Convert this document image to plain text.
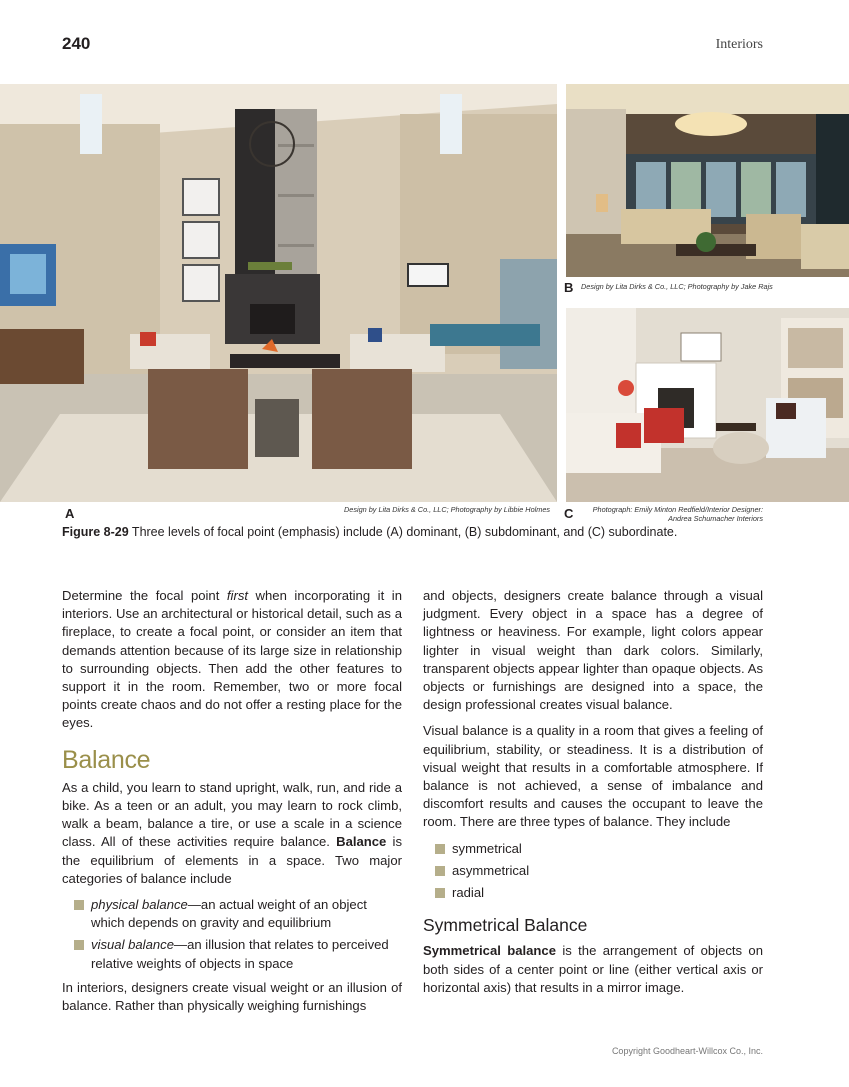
240	Interiors
B Design by Lita Dirks & Co., LLC; Photography by Jake Rajs
A	Design by Lita Dirks & Co., LLC; Photography by Libbie Holmes C	Photograph: Emily Minton Redfield/Interior Designer:
Andrea Schumacher Interiors
Figure 8-29 Three levels of focal point (emphasis) include (A) dominant, (B) subdominant, and (C) subordinate.

Determine the focal point first when incorporating it in interiors. Use an architectural or historical detail, such as a fireplace, to create a focal point, or consider an item that demands attention because of its large size in relationship to surrounding objects. Then add the other features to support it in the room. Remember, two or more focal points create chaos and do not offer a resting place for the eyes.

Balance

As a child, you learn to stand upright, walk, run, and ride a bike. As a teen or an adult, you may learn to rock climb, walk a beam, balance a tire, or use a scale in a science class. All of these activities require balance. Balance is the equilibrium of elements in a space. Two major categories of balance include

physical balance—an actual weight of an object which depends on gravity and equilibrium
visual balance—an illusion that relates to perceived relative weights of objects in space

In interiors, designers create visual weight or an illusion of balance. Rather than physically weighing furnishings

and objects, designers create balance through a visual judgment. Every object in a space has a degree of lightness or heaviness. For example, light colors appear lighter in visual weight than dark colors. Similarly, transparent objects appear lighter than opaque objects. As objects or furnishings are designed into a space, the design professional creates visual balance.

Visual balance is a quality in a room that gives a feeling of equilibrium, stability, or steadiness. It is a distribution of visual weight that results in a comfortable atmosphere. If balance is not achieved, a sense of imbalance and discomfort results and causes the occupant to leave the room. There are three types of balance. They include

symmetrical
asymmetrical
radial
Symmetrical Balance

Symmetrical balance is the arrangement of objects on both sides of a center point or line (either vertical axis or horizontal axis) that results in a mirror image.

Copyright Goodheart-Willcox Co., Inc.
